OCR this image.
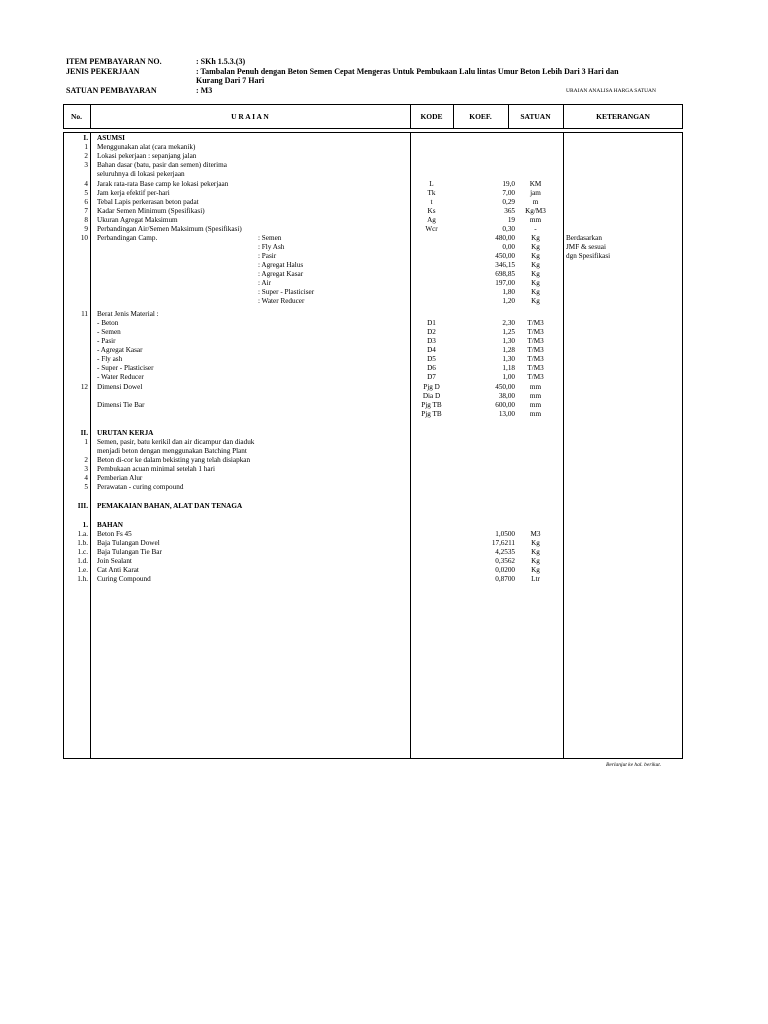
ITEM PEMBAYARAN NO.	: SKh 1.5.3.(3)
JENIS PEKERJAAN	: Tambalan Penuh dengan Beton Semen Cepat Mengeras Untuk Pembukaan Lalu lintas Umur Beton Lebih Dari 3 Hari dan
Kurang Dari 7 Hari
SATUAN PEMBAYARAN	: M3	URAIAN ANALISA HARGA SATUAN
No.	U R A I A N	KODE	KOEF.	SATUAN	KETERANGAN
I. ASUMSI
1 Menggunakan alat (cara mekanik)
2 Lokasi pekerjaan : sepanjang jalan
3 Bahan dasar (batu, pasir dan semen) diterima
seluruhnya di lokasi pekerjaan
4 Jarak rata-rata Base camp ke lokasi pekerjaan	L	19,0	KM
5 Jam kerja efektif per-hari	Tk	7,00	jam
6 Tebal Lapis perkerasan beton padat	t	0,29	m
7 Kadar Semen Minimum (Spesifikasi)	Ks	365	Kg/M3
8 Ukuran Agregat Maksimum	Ag	19	mm
9 Perbandingan Air/Semen Maksimum (Spesifikasi)	Wcr	0,30	-
10 Perbandingan Camp.	: Semen	480,00	Kg	Berdasarkan
: Fly Ash	0,00	Kg	JMF & sesuai
: Pasir	450,00	Kg	dgn Spesifikasi
: Agregat Halus	346,15	Kg
: Agregat Kasar	698,85	Kg
: Air	197,00	Kg
: Super - Plasticiser	1,80	Kg
: Water Reducer	1,20	Kg
11 Berat Jenis Material :
- Beton	D1	2,30	T/M3
- Semen	D2	1,25	T/M3
- Pasir	D3	1,30	T/M3
- Agregat Kasar	D4	1,28	T/M3
- Fly ash	D5	1,30	T/M3
- Super - Plasticiser	D6	1,18	T/M3
- Water Reducer	D7	1,00	T/M3
12 Dimensi Dowel	Pjg D	450,00	mm
Dia D	38,00	mm
Dimensi Tie Bar	Pjg TB	600,00	mm
Pjg TB	13,00	mm
II. URUTAN KERJA
1 Semen, pasir, batu kerikil dan air dicampur dan diaduk
menjadi beton dengan menggunakan Batching Plant
2 Beton di-cor ke dalam bekisting yang telah disiapkan
3 Pembukaan acuan minimal setelah 1 hari
4 Pemberian Alur
5 Perawatan - curing compound
III. PEMAKAIAN BAHAN, ALAT DAN TENAGA
1. BAHAN
1.a. Beton Fs 45	1,0500	M3
1.b. Baja Tulangan Dowel	17,6211	Kg
1.c. Baja Tulangan Tie Bar	4,2535	Kg
1.d. Join Sealant	0,3562	Kg
1.e. Cat Anti Karat	0,0200	Kg
1.h. Curing Compound	0,8700	Ltr
Berlanjut ke hal. berikut.
